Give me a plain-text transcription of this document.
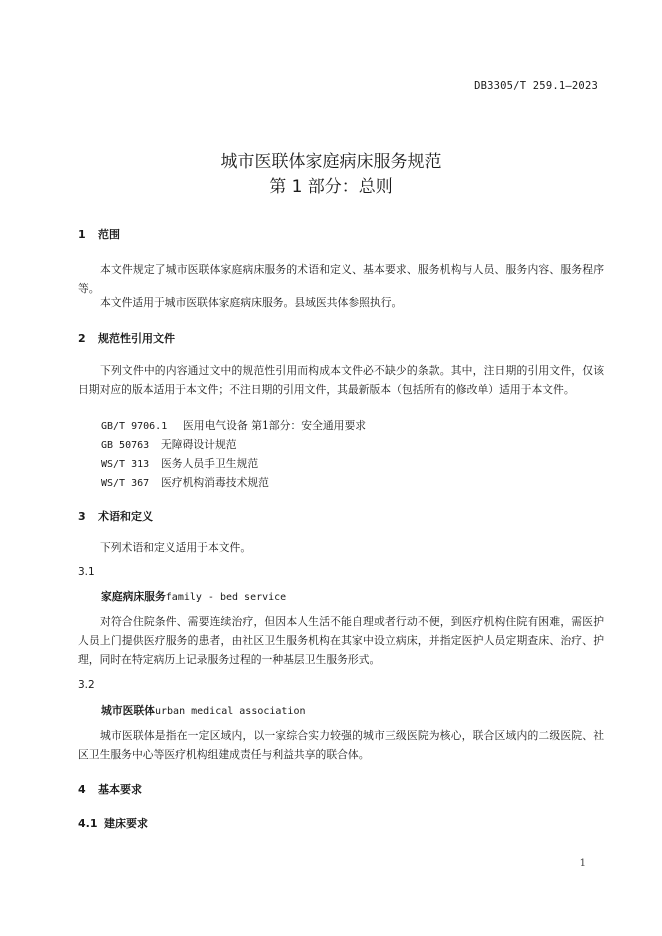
DB3305/T 259.1—2023
城市医联体家庭病床服务规范
第 1 部分：总则
1 范围
本文件规定了城市医联体家庭病床服务的术语和定义、基本要求、服务机构与人员、服务内容、服务程序等。
本文件适用于城市医联体家庭病床服务。县域医共体参照执行。
2 规范性引用文件
下列文件中的内容通过文中的规范性引用而构成本文件必不缺少的条款。其中，注日期的引用文件，仅该日期对应的版本适用于本文件；不注日期的引用文件，其最新版本（包括所有的修改单）适用于本文件。
GB/T 9706.1 医用电气设备 第1部分：安全通用要求
GB 50763 无障碍设计规范
WS/T 313 医务人员手卫生规范
WS/T 367 医疗机构消毒技术规范
3 术语和定义
下列术语和定义适用于本文件。
3.1
家庭病床服务family - bed service
对符合住院条件、需要连续治疗，但因本人生活不能自理或者行动不便，到医疗机构住院有困难，需医护人员上门提供医疗服务的患者，由社区卫生服务机构在其家中设立病床，并指定医护人员定期查床、治疗、护理，同时在特定病历上记录服务过程的一种基层卫生服务形式。
3.2
城市医联体urban medical association
城市医联体是指在一定区域内，以一家综合实力较强的城市三级医院为核心，联合区域内的二级医院、社区卫生服务中心等医疗机构组建成责任与利益共享的联合体。
4 基本要求
4.1 建床要求
1
